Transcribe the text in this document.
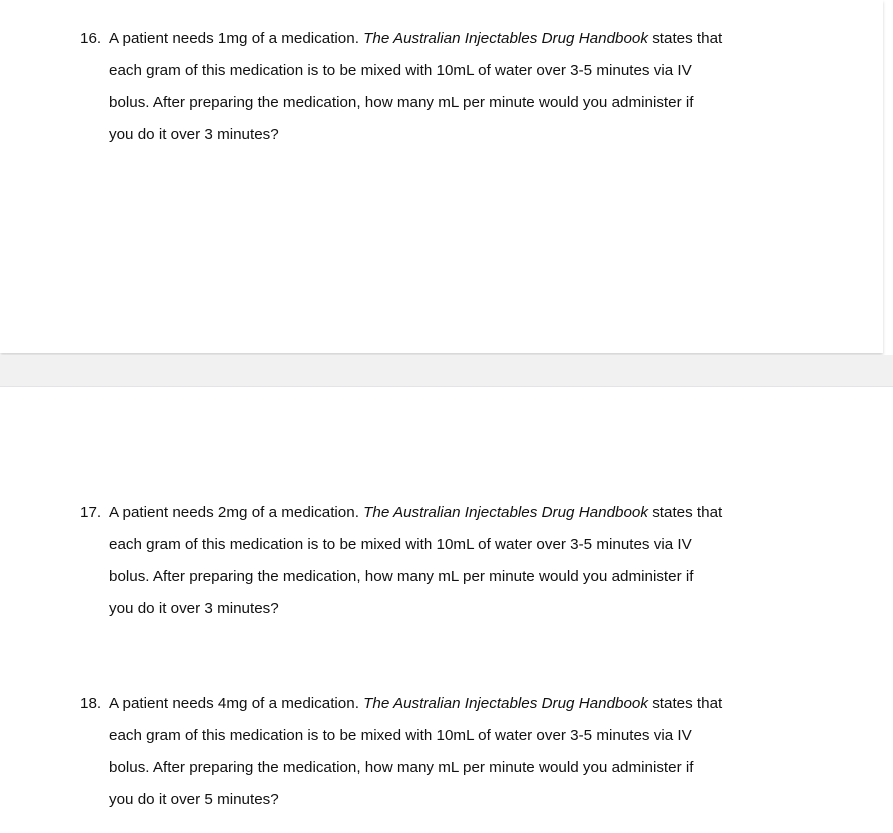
16. A patient needs 1mg of a medication. The Australian Injectables Drug Handbook states that
each gram of this medication is to be mixed with 10mL of water over 3-5 minutes via IV
bolus. After preparing the medication, how many mL per minute would you administer if
you do it over 3 minutes?
17. A patient needs 2mg of a medication. The Australian Injectables Drug Handbook states that
each gram of this medication is to be mixed with 10mL of water over 3-5 minutes via IV
bolus. After preparing the medication, how many mL per minute would you administer if
you do it over 3 minutes?
18. A patient needs 4mg of a medication. The Australian Injectables Drug Handbook states that
each gram of this medication is to be mixed with 10mL of water over 3-5 minutes via IV
bolus. After preparing the medication, how many mL per minute would you administer if
you do it over 5 minutes?
